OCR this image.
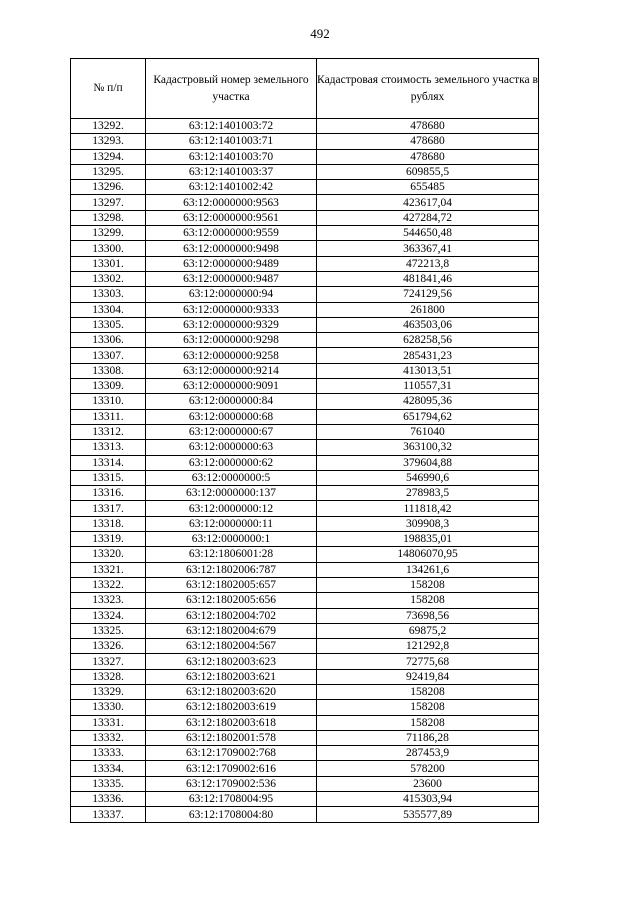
492
№ п/п	Кадастровый номер земельного участка	Кадастровая стоимость земельного участка в рублях
13292.	63:12:1401003:72	478680
13293.	63:12:1401003:71	478680
13294.	63:12:1401003:70	478680
13295.	63:12:1401003:37	609855,5
13296.	63:12:1401002:42	655485
13297.	63:12:0000000:9563	423617,04
13298.	63:12:0000000:9561	427284,72
13299.	63:12:0000000:9559	544650,48
13300.	63:12:0000000:9498	363367,41
13301.	63:12:0000000:9489	472213,8
13302.	63:12:0000000:9487	481841,46
13303.	63:12:0000000:94	724129,56
13304.	63:12:0000000:9333	261800
13305.	63:12:0000000:9329	463503,06
13306.	63:12:0000000:9298	628258,56
13307.	63:12:0000000:9258	285431,23
13308.	63:12:0000000:9214	413013,51
13309.	63:12:0000000:9091	110557,31
13310.	63:12:0000000:84	428095,36
13311.	63:12:0000000:68	651794,62
13312.	63:12:0000000:67	761040
13313.	63:12:0000000:63	363100,32
13314.	63:12:0000000:62	379604,88
13315.	63:12:0000000:5	546990,6
13316.	63:12:0000000:137	278983,5
13317.	63:12:0000000:12	111818,42
13318.	63:12:0000000:11	309908,3
13319.	63:12:0000000:1	198835,01
13320.	63:12:1806001:28	14806070,95
13321.	63:12:1802006:787	134261,6
13322.	63:12:1802005:657	158208
13323.	63:12:1802005:656	158208
13324.	63:12:1802004:702	73698,56
13325.	63:12:1802004:679	69875,2
13326.	63:12:1802004:567	121292,8
13327.	63:12:1802003:623	72775,68
13328.	63:12:1802003:621	92419,84
13329.	63:12:1802003:620	158208
13330.	63:12:1802003:619	158208
13331.	63:12:1802003:618	158208
13332.	63:12:1802001:578	71186,28
13333.	63:12:1709002:768	287453,9
13334.	63:12:1709002:616	578200
13335.	63:12:1709002:536	23600
13336.	63:12:1708004:95	415303,94
13337.	63:12:1708004:80	535577,89
